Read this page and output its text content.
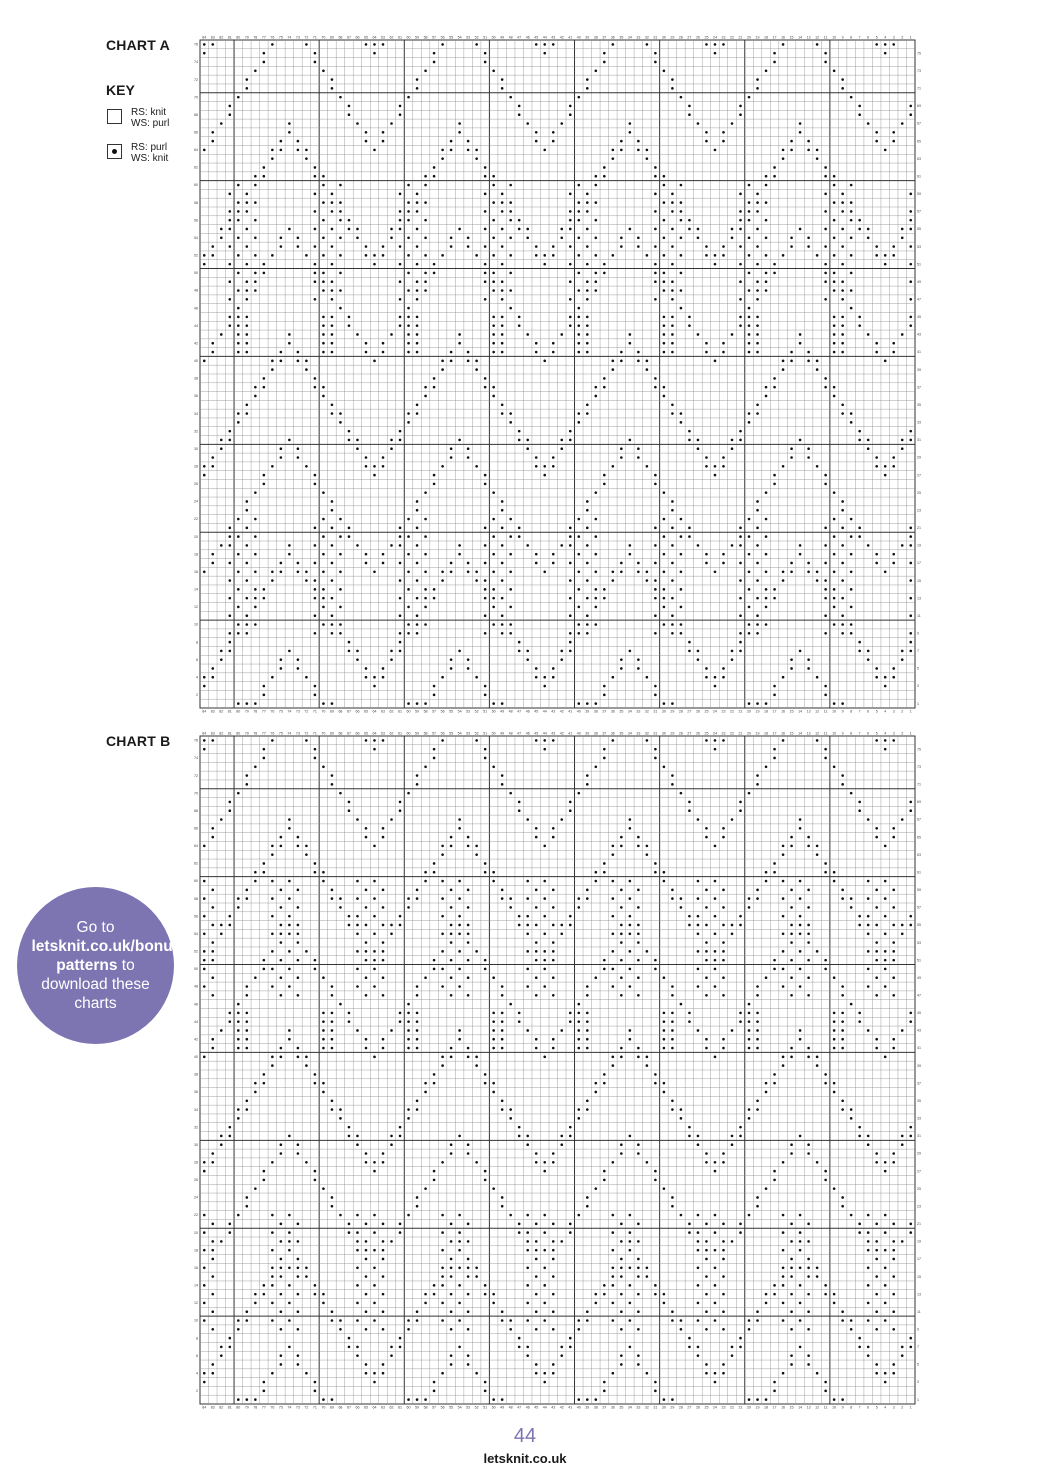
CHART A
KEY
RS: knit
WS: purl
RS: purl
WS: knit
84
84
83
83
82
82
81
81
80
80
79
79
78
78
77
77
76
76
75
75
74
74
73
73
72
72
71
71
70
70
69
69
68
68
67
67
66
66
65
65
64
64
63
63
62
62
61
61
60
60
59
59
58
58
57
57
56
56
55
55
54
54
53
53
52
52
51
51
50
50
49
49
48
48
47
47
46
46
45
45
44
44
43
43
42
42
41
41
40
40
39
39
38
38
37
37
36
36
35
35
34
34
33
33
32
32
31
31
30
30
29
29
28
28
27
27
26
26
25
25
24
24
23
23
22
22
21
21
20
20
19
19
18
18
17
17
16
16
15
15
14
14
13
13
12
12
11
11
10
10
9
9
8
8
7
7
6
6
5
5
4
4
3
3
2
2
1
1
76
75
74
73
72
71
70
69
68
67
66
65
64
63
62
61
60
59
58
57
56
55
54
53
52
51
50
49
48
47
46
45
44
43
42
41
40
39
38
37
36
35
34
33
32
31
30
29
28
27
26
25
24
23
22
21
20
19
18
17
16
15
14
13
12
11
10
9
8
7
6
5
4
3
2
1
CHART B
84
84
83
83
82
82
81
81
80
80
79
79
78
78
77
77
76
76
75
75
74
74
73
73
72
72
71
71
70
70
69
69
68
68
67
67
66
66
65
65
64
64
63
63
62
62
61
61
60
60
59
59
58
58
57
57
56
56
55
55
54
54
53
53
52
52
51
51
50
50
49
49
48
48
47
47
46
46
45
45
44
44
43
43
42
42
41
41
40
40
39
39
38
38
37
37
36
36
35
35
34
34
33
33
32
32
31
31
30
30
29
29
28
28
27
27
26
26
25
25
24
24
23
23
22
22
21
21
20
20
19
19
18
18
17
17
16
16
15
15
14
14
13
13
12
12
11
11
10
10
9
9
8
8
7
7
6
6
5
5
4
4
3
3
2
2
1
1
76
75
74
73
72
71
70
69
68
67
66
65
64
63
62
61
60
59
58
57
56
55
54
53
52
51
50
49
48
47
46
45
44
43
42
41
40
39
38
37
36
35
34
33
32
31
30
29
28
27
26
25
24
23
22
21
20
19
18
17
16
15
14
13
12
11
10
9
8
7
6
5
4
3
2
1
Go to letsknit.co.uk/bonus-patterns to download these charts
44
letsknit.co.uk
